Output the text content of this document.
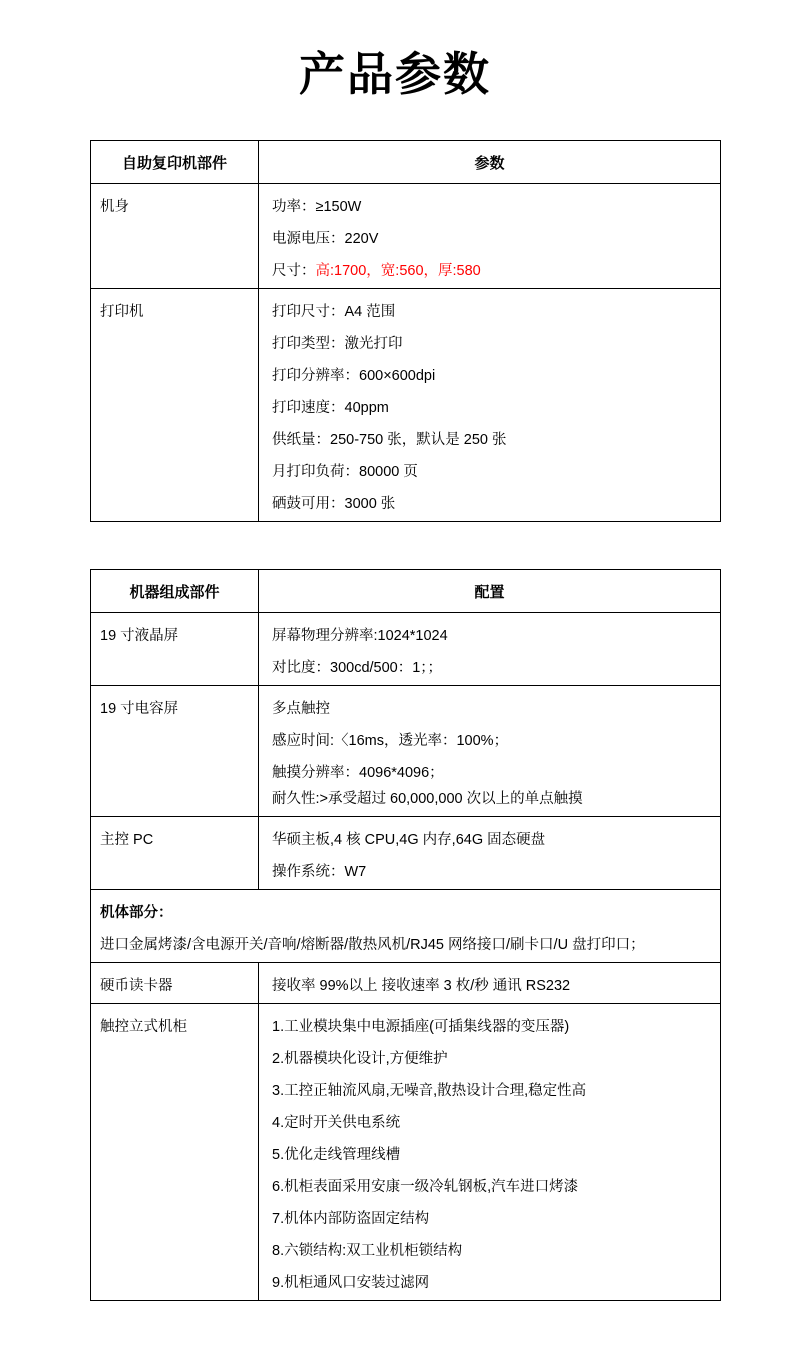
产品参数
自助复印机部件	参数
机身	功率：≥150W
电源电压：220V
尺寸：高:1700，宽:560，厚:580

打印机	打印尺寸：A4 范围
打印类型：激光打印
打印分辨率：600×600dpi
打印速度：40ppm
供纸量：250-750 张，默认是 250 张
月打印负荷：80000 页
硒鼓可用：3000 张
机器组成部件	配置
19 寸液晶屏	屏幕物理分辨率:1024*1024
对比度：300cd/500：1；；

19 寸电容屏	多点触控
感应时间:〈16ms，透光率：100%；
触摸分辨率：4096*4096；
耐久性:>承受超过 60,000,000 次以上的单点触摸

主控 PC	华硕主板,4 核 CPU,4G 内存,64G 固态硬盘
操作系统：W7

机体部分：
进口金属烤漆/含电源开关/音响/熔断器/散热风机/RJ45 网络接口/刷卡口/U 盘打印口；	

硬币读卡器	接收率 99%以上 接收速率 3 枚/秒 通讯 RS232

触控立式机柜	1.工业模块集中电源插座(可插集线器的变压器)
2.机器模块化设计,方便维护
3.工控正轴流风扇,无噪音,散热设计合理,稳定性高
4.定时开关供电系统
5.优化走线管理线槽
6.机柜表面采用安康一级冷轧钢板,汽车进口烤漆
7.机体内部防盗固定结构
8.六锁结构:双工业机柜锁结构
9.机柜通风口安装过滤网
